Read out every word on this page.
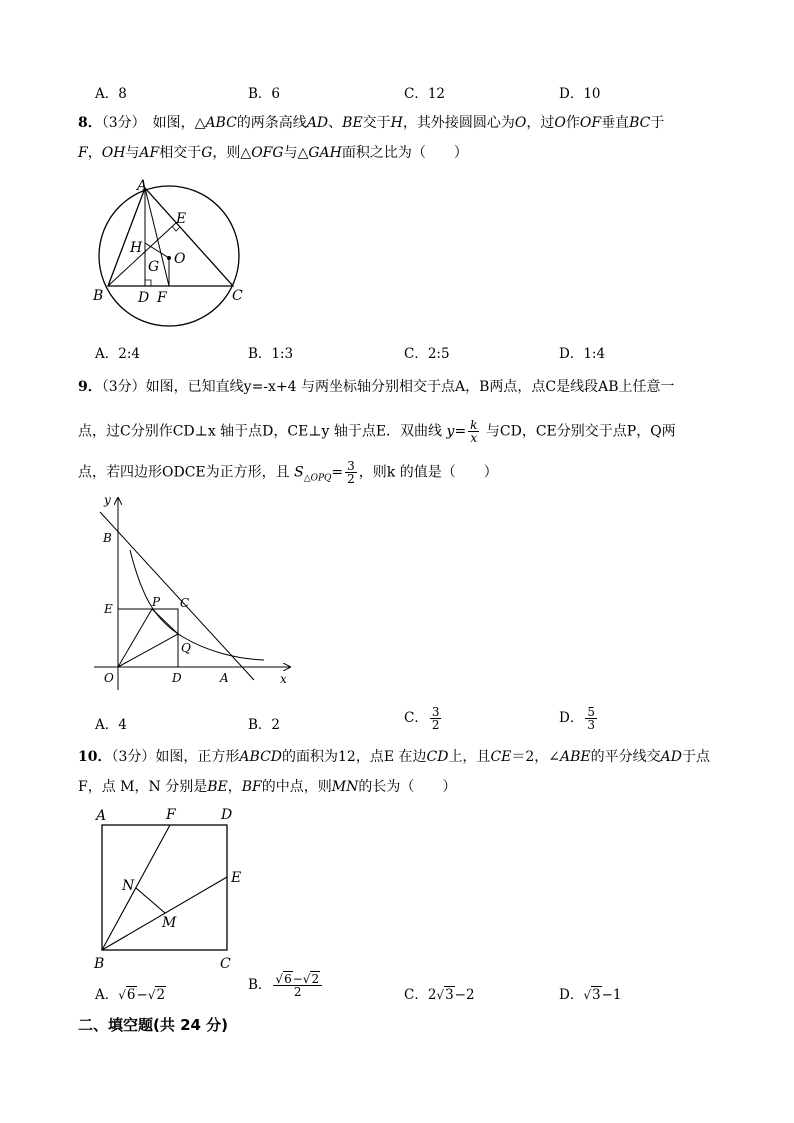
A．8	B．6	C．12	D．10
8．（3分）　如图，△ABC的两条高线AD、BE交于H，其外接圆圆心为O，过O作OF垂直BC于
F，OH与AF相交于G，则△OFG与△GAH面积之比为（　　）
A
E
H
O
G
B D F	C
A．2:4	B．1:3	C．2:5	D．1:4
9．（3分）如图，已知直线y=-x+4 与两坐标轴分别相交于点A，B两点，点C是线段AB上任意一
点，过C分别作CD⊥x 轴于点D，CE⊥y 轴于点E．双曲线 $y= \frac{k}{x}$ 与CD，CE分别交于点P，Q两
点，若四边形ODCE为正方形，且 $S_{\triangle OPQ}= \frac{3}{2}$ ，则k 的值是（　　）
y
x
B
E	P C
Q
O	D	A
A．4	B．2	C． $\frac{3}{2}$	D． $\frac{5}{3}$
10．（3分）如图，正方形ABCD的面积为12，点E 在边CD上，且CE＝2，∠ABE的平分线交AD于点
F，点 M，N 分别是BE，BF的中点，则MN的长为（　　）
A	F	D
E
N
M
B	C
A．√6−√2
B． $\frac{√6-√2}{2}$	C．2√3−2	D．√3−1
二、填空题(共 24 分)
